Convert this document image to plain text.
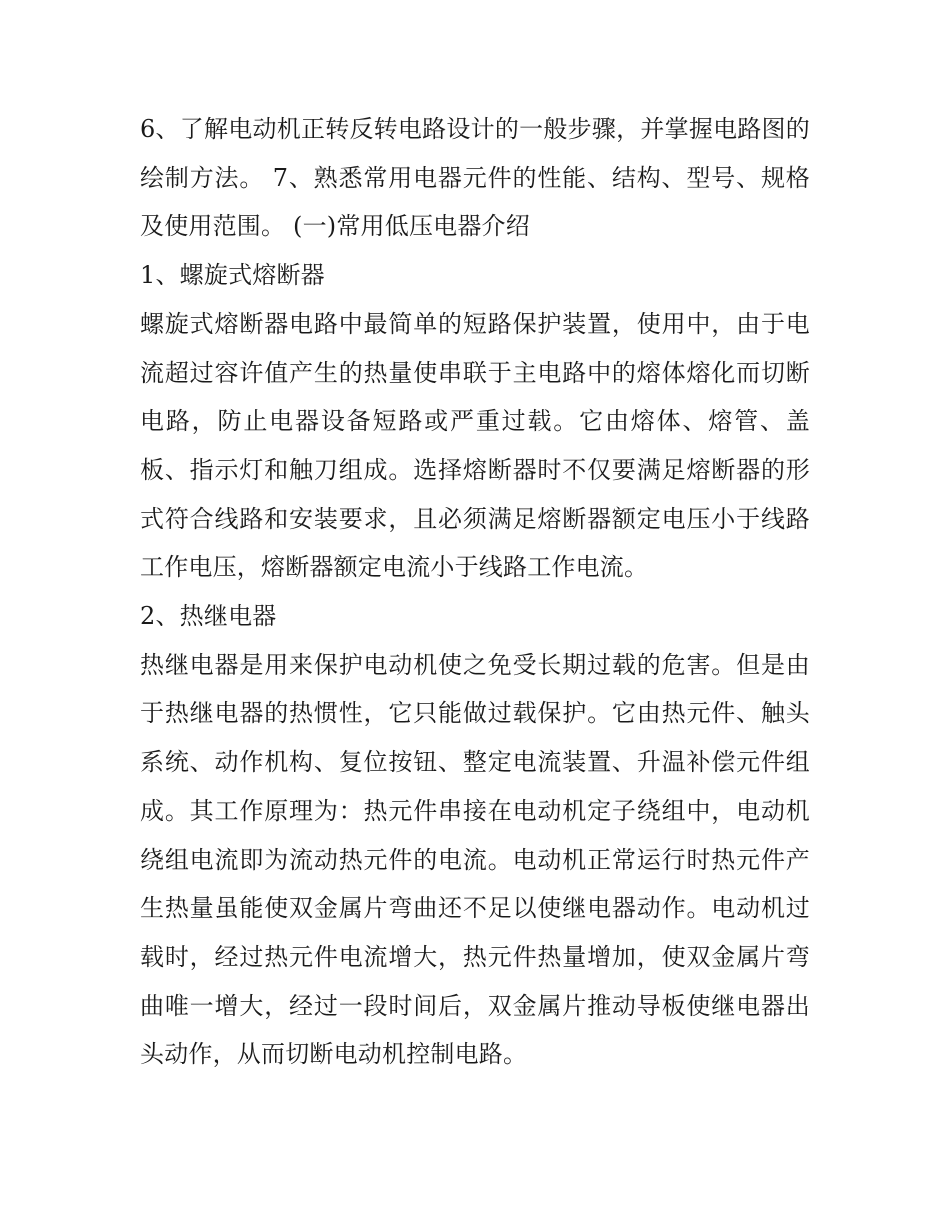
6、了解电动机正转反转电路设计的一般步骤，并掌握电路图的绘制方法。 7、熟悉常用电器元件的性能、结构、型号、规格及使用范围。 (一)常用低压电器介绍

1、螺旋式熔断器

螺旋式熔断器电路中最简单的短路保护装置，使用中，由于电流超过容许值产生的热量使串联于主电路中的熔体熔化而切断电路，防止电器设备短路或严重过载。它由熔体、熔管、盖板、指示灯和触刀组成。选择熔断器时不仅要满足熔断器的形式符合线路和安装要求，且必须满足熔断器额定电压小于线路工作电压，熔断器额定电流小于线路工作电流。

2、热继电器

热继电器是用来保护电动机使之免受长期过载的危害。但是由于热继电器的热惯性，它只能做过载保护。它由热元件、触头系统、动作机构、复位按钮、整定电流装置、升温补偿元件组成。其工作原理为：热元件串接在电动机定子绕组中，电动机绕组电流即为流动热元件的电流。电动机正常运行时热元件产生热量虽能使双金属片弯曲还不足以使继电器动作。电动机过载时，经过热元件电流增大，热元件热量增加，使双金属片弯曲唯一增大，经过一段时间后，双金属片推动导板使继电器出头动作，从而切断电动机控制电路。
